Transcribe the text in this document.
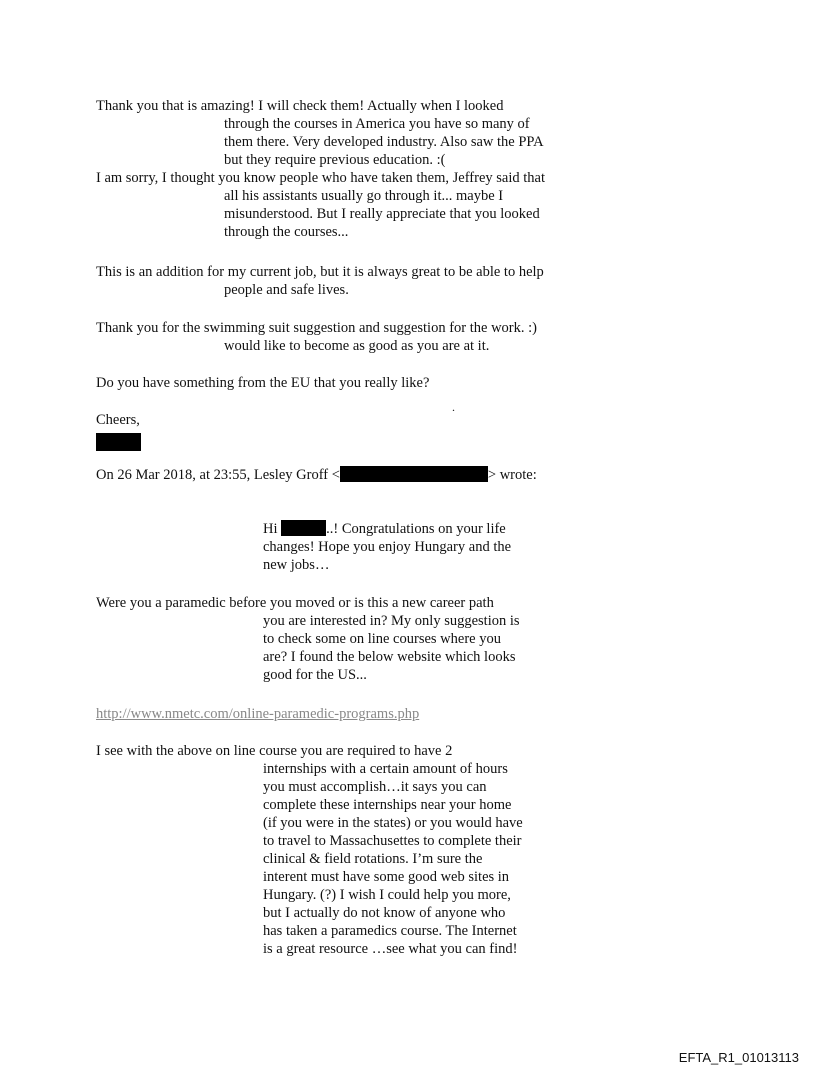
Thank you that is amazing! I will check them! Actually when I looked
through the courses in America you have so many of
them there. Very developed industry. Also saw the PPA
but they require previous education. :(
I am sorry, I thought you know people who have taken them, Jeffrey said that
all his assistants usually go through it... maybe I
misunderstood. But I really appreciate that you looked
through the courses...
This is an addition for my current job, but it is always great to be able to help
people and safe lives.
Thank you for the swimming suit suggestion and suggestion for the work. :)
would like to become as good as you are at it.
Do you have something from the EU that you really like?
.
Cheers,
On 26 Mar 2018, at 23:55, Lesley Groff <	> wrote:
Hi	..! Congratulations on your life
changes! Hope you enjoy Hungary and the
new jobs…
Were you a paramedic before you moved or is this a new career path
you are interested in? My only suggestion is
to check some on line courses where you
are? I found the below website which looks
good for the US...
http://www.nmetc.com/online-paramedic-programs.php
I see with the above on line course you are required to have 2
internships with a certain amount of hours
you must accomplish…it says you can
complete these internships near your home
(if you were in the states) or you would have
to travel to Massachusettes to complete their
clinical & field rotations. I’m sure the
interent must have some good web sites in
Hungary. (?) I wish I could help you more,
but I actually do not know of anyone who
has taken a paramedics course. The Internet
is a great resource …see what you can find!
EFTA_R1_01013113
